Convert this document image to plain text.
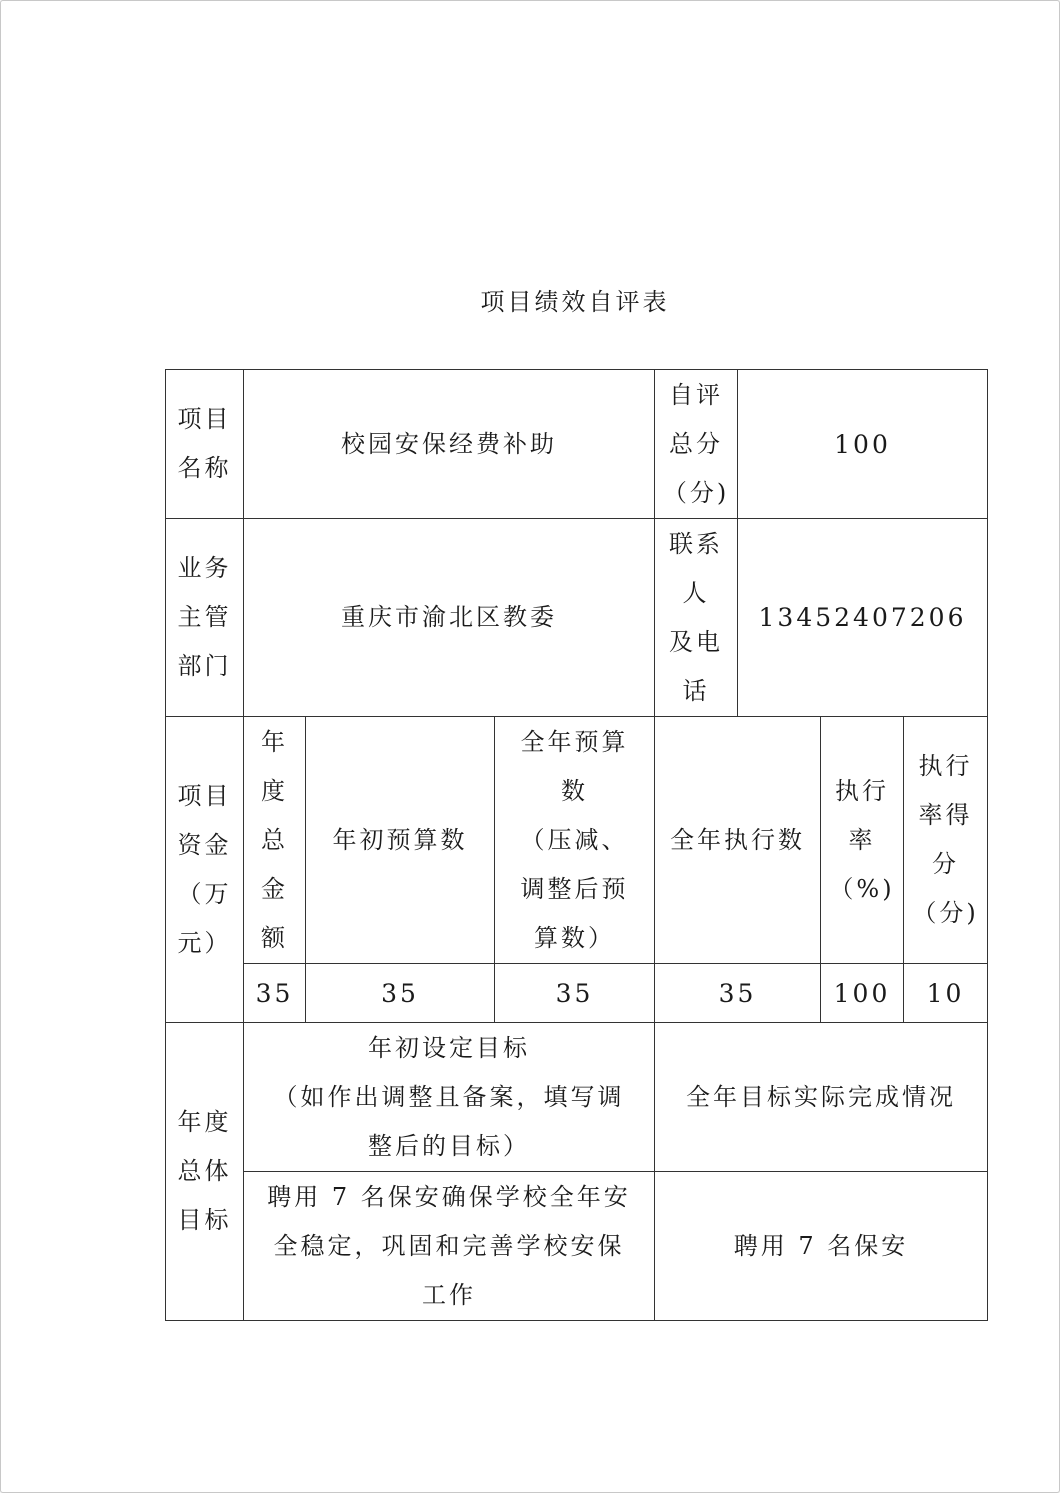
项目绩效自评表
项目
名称	校园安保经费补助			自评
总分
（分)	100		

业务
主管
部门	重庆市渝北区教委			联系
人
及电
话	13452407206		

项目
资金
（万
元）	年
度
总
金
额	年初预算数	全年预算
数
（压减、
调整后预
算数）	全年执行数		执行
率
（%)	执行
率得
分
（分)

	35	35	35	35		100	10

年度
总体
目标	年初设定目标
（如作出调整且备案，填写调
整后的目标）			全年目标实际完成情况			

	聘用 7 名保安确保学校全年安
全稳定，巩固和完善学校安保
工作			聘用 7 名保安			
